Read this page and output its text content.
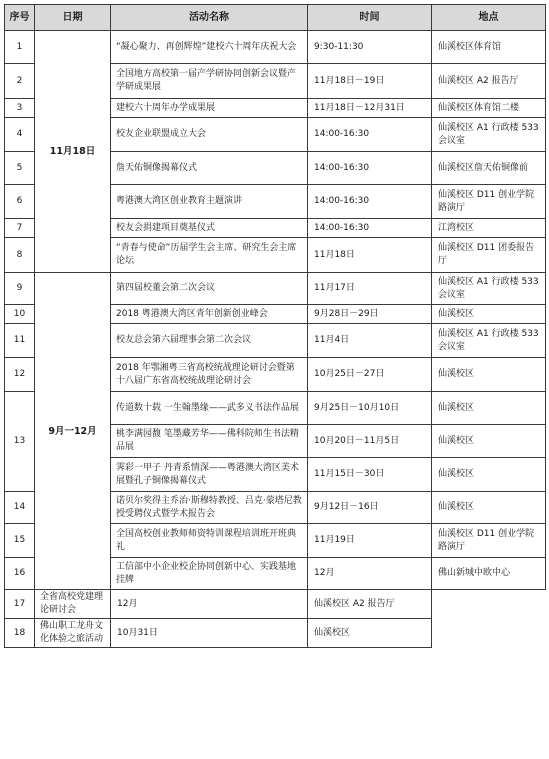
序号	日期	活动名称	时间	地点
1	11月18日	“凝心聚力、再创辉煌”建校六十周年庆祝大会	9:30-11:30	仙溪校区体育馆
2		全国地方高校第一届产学研协同创新会议暨产学研成果展	11月18日－19日	仙溪校区 A2 报告厅
3		建校六十周年办学成果展	11月18日－12月31日	仙溪校区体育馆二楼
4		校友企业联盟成立大会	14:00-16:30	仙溪校区 A1 行政楼 533 会议室
5		詹天佑铜像揭幕仪式	14:00-16:30	仙溪校区詹天佑铜像前
6		粤港澳大湾区创业教育主题演讲	14:00-16:30	仙溪校区 D11 创业学院路演厅
7		校友会捐建项目奠基仪式	14:00-16:30	江湾校区
8		“青春与使命”历届学生会主席、研究生会主席论坛	11月18日	仙溪校区 D11 团委报告厅
9	9月一12月	第四届校董会第二次会议	11月17日	仙溪校区 A1 行政楼 533 会议室
10		2018 粤港澳大湾区青年创新创业峰会	9月28日－29日	仙溪校区
11		校友总会第六届理事会第二次会议	11月4日	仙溪校区 A1 行政楼 533 会议室
12		2018 年鄂湘粤三省高校统战理论研讨会暨第十八届广东省高校统战理论研讨会	10月25日－27日	仙溪校区
13		传道数十载 一生翰墨缘——武多义书法作品展	9月25日－10月10日	仙溪校区
		桃李满园馥 笔墨藏芳华——佛科院师生书法精品展	10月20日－11月5日	仙溪校区
		霁彩一甲子 丹青系情深——粤港澳大湾区美术展暨孔子铜像揭幕仪式	11月15日－30日	仙溪校区
14		诺贝尔奖得主乔治·斯穆特教授、吕克·蒙塔尼教授受聘仪式暨学术报告会	9月12日－16日	仙溪校区
15		全国高校创业教师师资特训课程培训班开班典礼	11月19日	仙溪校区 D11 创业学院路演厅
16		工信部中小企业校企协同创新中心、实践基地挂牌	12月	佛山新城中欧中心
17	全省高校党建理论研讨会	12月	仙溪校区 A2 报告厅	
18	佛山职工龙舟文化体验之旅活动	10月31日	仙溪校区	
